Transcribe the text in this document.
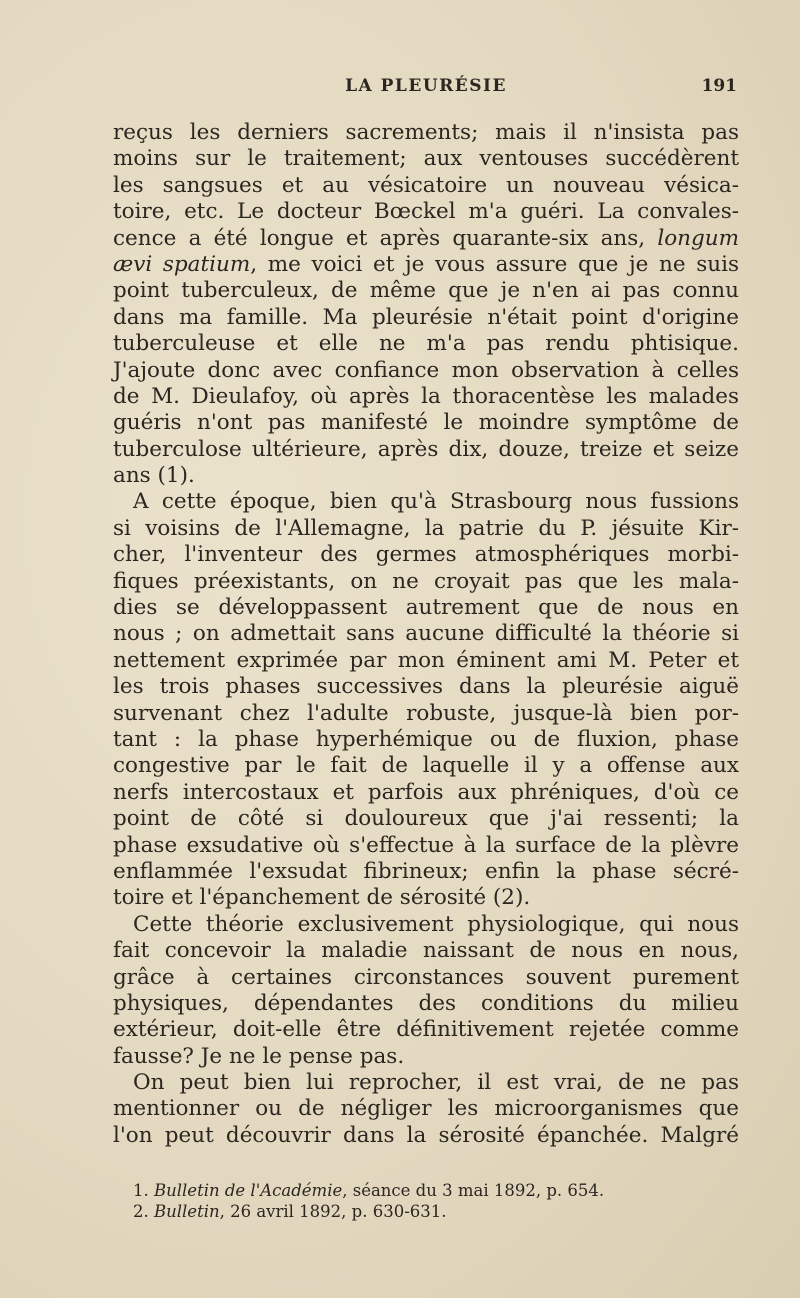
LA PLEURÉSIE	191
reçus les derniers sacrements; mais il n'insista pas
moins sur le traitement; aux ventouses succédèrent
les sangsues et au vésicatoire un nouveau vésica-
toire, etc. Le docteur Bœckel m'a guéri. La convales-
cence a été longue et après quarante-six ans, longum
ævi spatium, me voici et je vous assure que je ne suis
point tuberculeux, de même que je n'en ai pas connu
dans ma famille. Ma pleurésie n'était point d'origine
tuberculeuse et elle ne m'a pas rendu phtisique.
J'ajoute donc avec confiance mon observation à celles
de M. Dieulafoy, où après la thoracentèse les malades
guéris n'ont pas manifesté le moindre symptôme de
tuberculose ultérieure, après dix, douze, treize et seize
ans (1).
A cette époque, bien qu'à Strasbourg nous fussions
si voisins de l'Allemagne, la patrie du P. jésuite Kir-
cher, l'inventeur des germes atmosphériques morbi-
fiques préexistants, on ne croyait pas que les mala-
dies se développassent autrement que de nous en
nous ; on admettait sans aucune difficulté la théorie si
nettement exprimée par mon éminent ami M. Peter et
les trois phases successives dans la pleurésie aiguë
survenant chez l'adulte robuste, jusque-là bien por-
tant : la phase hyperhémique ou de fluxion, phase
congestive par le fait de laquelle il y a offense aux
nerfs intercostaux et parfois aux phréniques, d'où ce
point de côté si douloureux que j'ai ressenti; la
phase exsudative où s'effectue à la surface de la plèvre
enflammée l'exsudat fibrineux; enfin la phase sécré-
toire et l'épanchement de sérosité (2).
Cette théorie exclusivement physiologique, qui nous
fait concevoir la maladie naissant de nous en nous,
grâce à certaines circonstances souvent purement
physiques, dépendantes des conditions du milieu
extérieur, doit-elle être définitivement rejetée comme
fausse? Je ne le pense pas.
On peut bien lui reprocher, il est vrai, de ne pas
mentionner ou de négliger les microorganismes que
l'on peut découvrir dans la sérosité épanchée. Malgré
1. Bulletin de l'Académie, séance du 3 mai 1892, p. 654.
2. Bulletin, 26 avril 1892, p. 630-631.
